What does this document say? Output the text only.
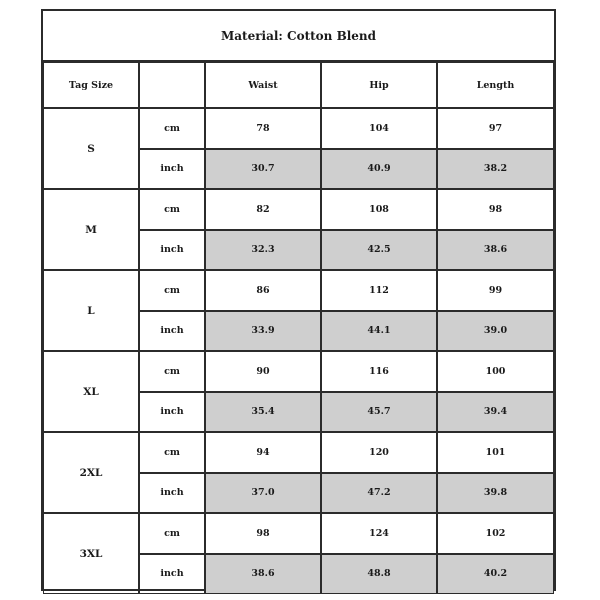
Material: Cotton Blend
Tag Size	Waist	Hip	Length
S
cm	78	104	97
inch	30.7	40.9	38.2
M
cm	82	108	98
inch	32.3	42.5	38.6
L
cm	86	112	99
inch	33.9	44.1	39.0
XL
cm	90	116	100
inch	35.4	45.7	39.4
2XL
cm	94	120	101
inch	37.0	47.2	39.8
3XL
cm	98	124	102
inch	38.6	48.8	40.2
